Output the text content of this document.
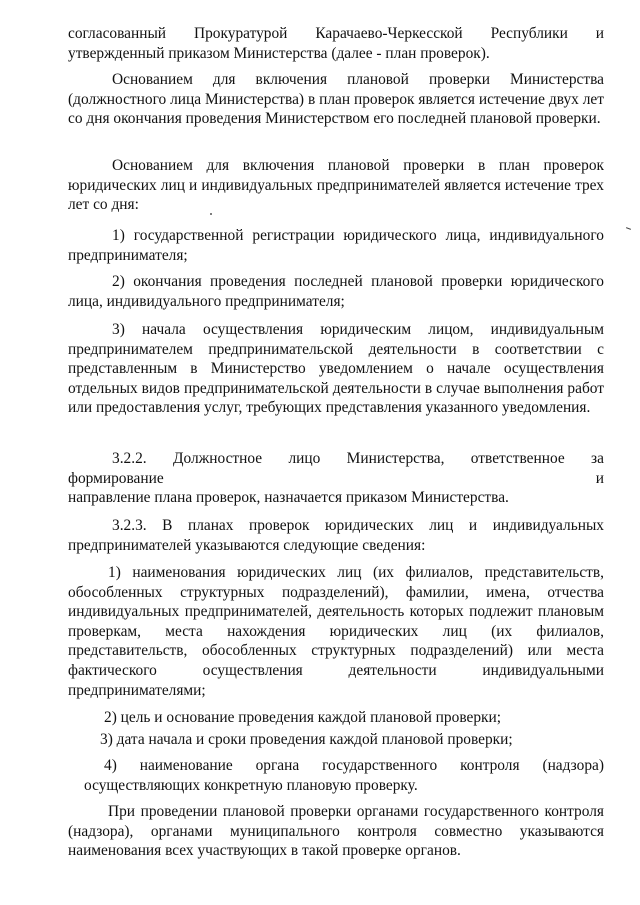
согласованный Прокуратурой Карачаево-Черкесской Республики и утвержденный приказом Министерства (далее - план проверок).

Основанием для включения плановой проверки Министерства (должностного лица Министерства) в план проверок является истечение двух лет со дня окончания проведения Министерством его последней плановой проверки.

Основанием для включения плановой проверки в план проверок юридических лиц и индивидуальных предпринимателей является истечение трех лет со дня:

1) государственной регистрации юридического лица, индивидуального предпринимателя;

2) окончания проведения последней плановой проверки юридического лица, индивидуального предпринимателя;

3) начала осуществления юридическим лицом, индивидуальным предпринимателем предпринимательской деятельности в соответствии с представленным в Министерство уведомлением о начале осуществления отдельных видов предпринимательской деятельности в случае выполнения работ или предоставления услуг, требующих представления указанного уведомления.

3.2.2. Должностное лицо Министерства, ответственное за
формирование	и

направление плана проверок, назначается приказом Министерства.

3.2.3. В планах проверок юридических лиц и индивидуальных предпринимателей указываются следующие сведения:

1) наименования юридических лиц (их филиалов, представительств, обособленных структурных подразделений), фамилии, имена, отчества индивидуальных предпринимателей, деятельность которых подлежит плановым проверкам, места нахождения юридических лиц (их филиалов, представительств, обособленных структурных подразделений) или места фактического осуществления деятельности индивидуальными предпринимателями;

2) цель и основание проведения каждой плановой проверки;

3) дата начала и сроки проведения каждой плановой проверки;

4) наименование органа государственного контроля (надзора) осуществляющих конкретную плановую проверку.

При проведении плановой проверки органами государственного контроля (надзора), органами муниципального контроля совместно указываются наименования всех участвующих в такой проверке органов.
